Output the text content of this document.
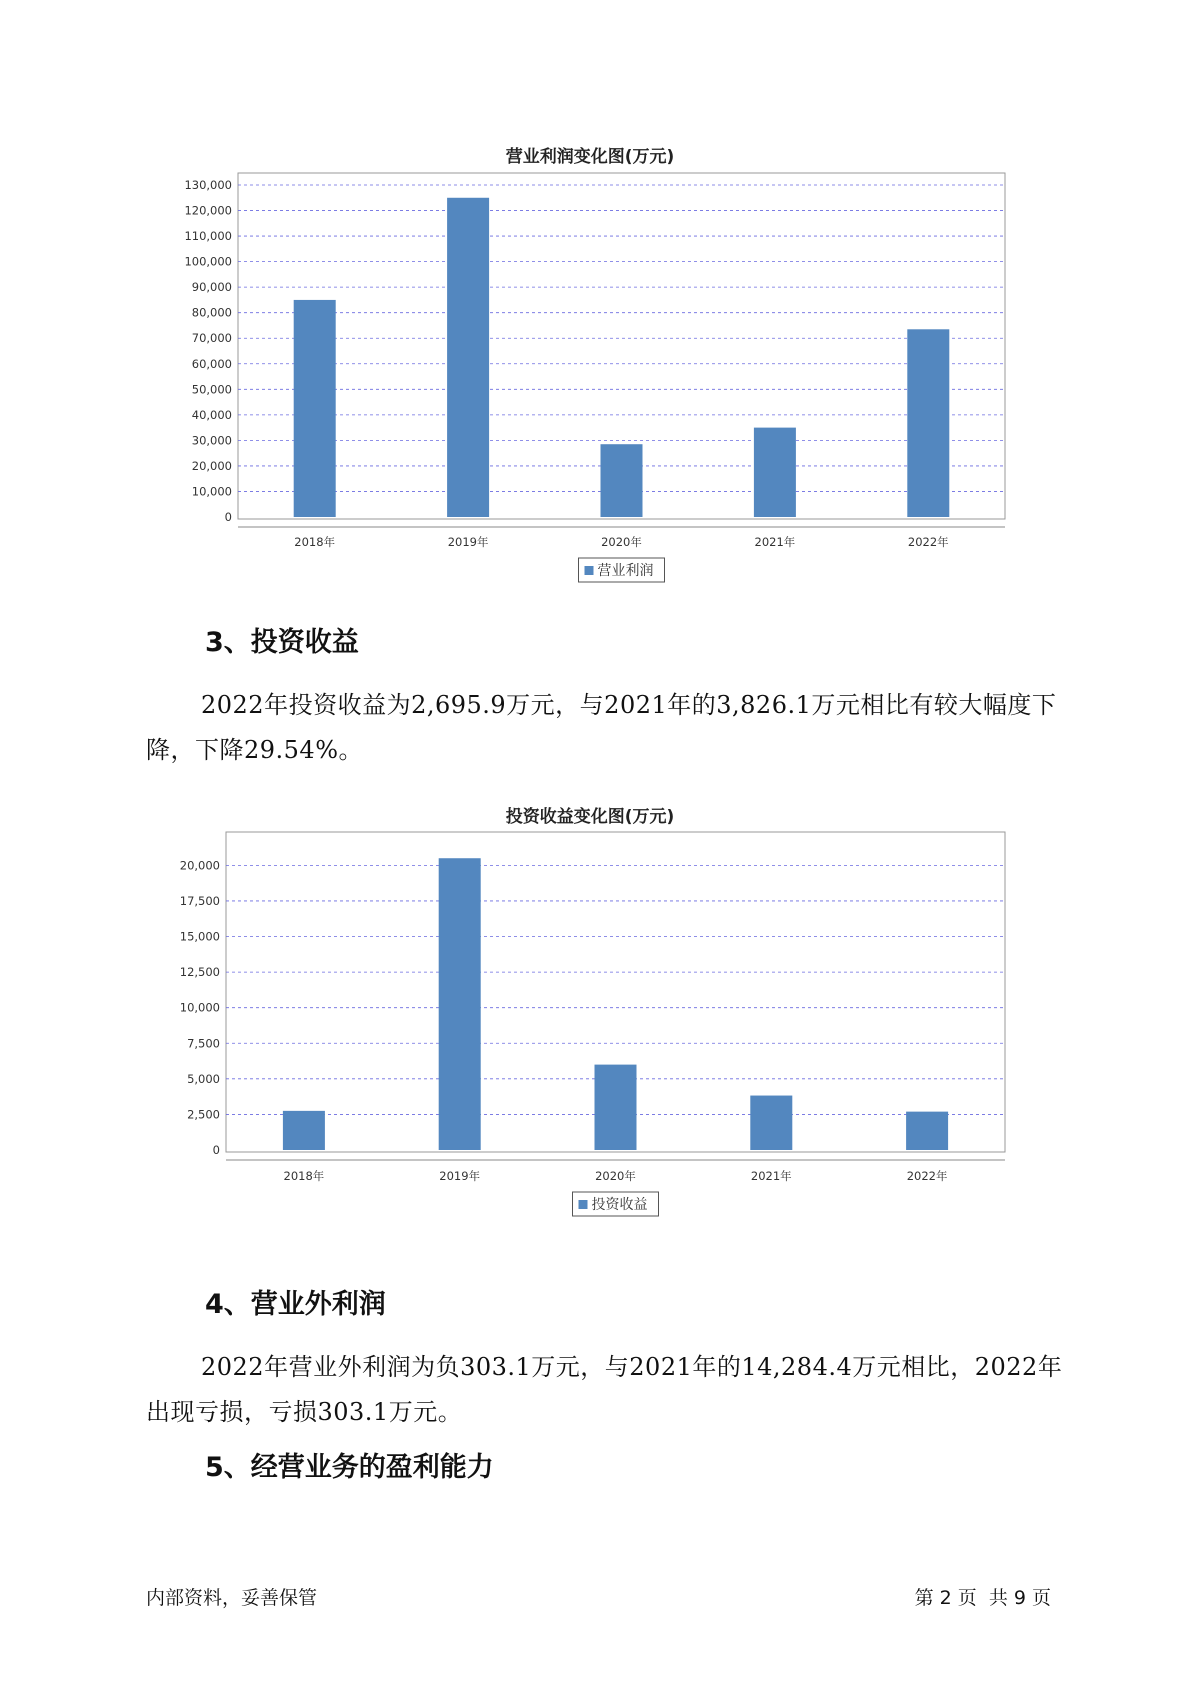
营业利润变化图(万元)
0
10,000
20,000
30,000
40,000
50,000
60,000
70,000
80,000
90,000
100,000
110,000
120,000
130,000
2018年	2019年	2020年	2021年	2022年
营业利润
3、投资收益

2022年投资收益为2,695.9万元，与2021年的3,826.1万元相比有较大幅度下降，下降29.54%。

投资收益变化图(万元)
0
2,500
5,000
7,500
10,000
12,500
15,000
17,500
20,000
2018年	2019年	2020年	2021年	2022年
投资收益
4、营业外利润

2022年营业外利润为负303.1万元，与2021年的14,284.4万元相比，2022年出现亏损，亏损303.1万元。

5、经营业务的盈利能力
内部资料，妥善保管	第 2 页  共 9 页
